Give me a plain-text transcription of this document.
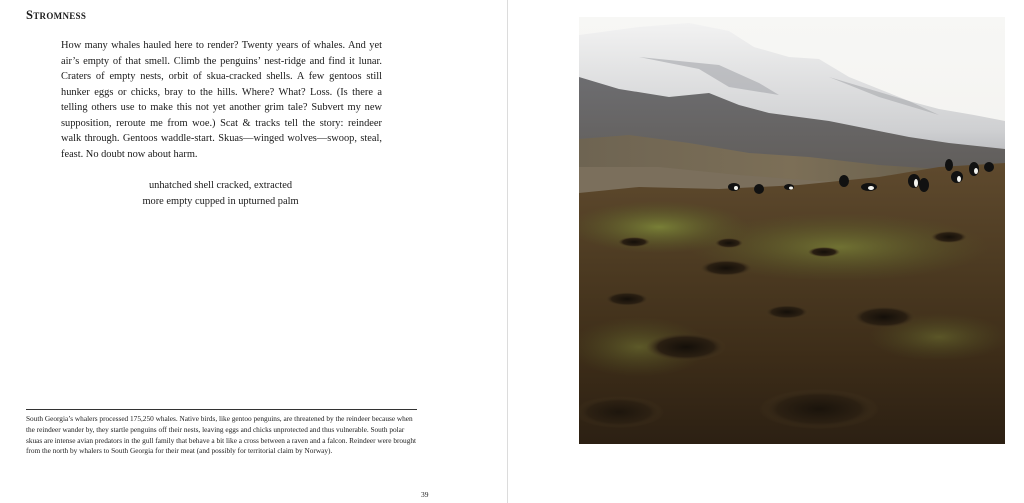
Stromness

How many whales hauled here to render? Twenty years of whales. And yet air’s empty of that smell. Climb the penguins’ nest-ridge and find it lunar. Craters of empty nests, orbit of skua-cracked shells. A few gentoos still hunker eggs or chicks, bray to the hills. Where? What? Loss. (Is there a telling others use to make this not yet another grim tale? Subvert my new supposition, reroute me from woe.) Scat & tracks tell the story: reindeer walk through. Gentoos waddle-start. Skuas—winged wolves—swoop, steal, feast. No doubt now about harm.

unhatched shell cracked, extracted
more empty cupped in upturned palm

South Georgia’s whalers processed 175,250 whales. Native birds, like gentoo penguins, are threatened by the reindeer because when the reindeer wander by, they startle penguins off their nests, leaving eggs and chicks unprotected and thus vulnerable. South polar skuas are intense avian predators in the gull family that behave a bit like a cross between a raven and a falcon. Reindeer were brought from the north by whalers to South Georgia for their meat (and possibly for territorial claim by Norway).

39
